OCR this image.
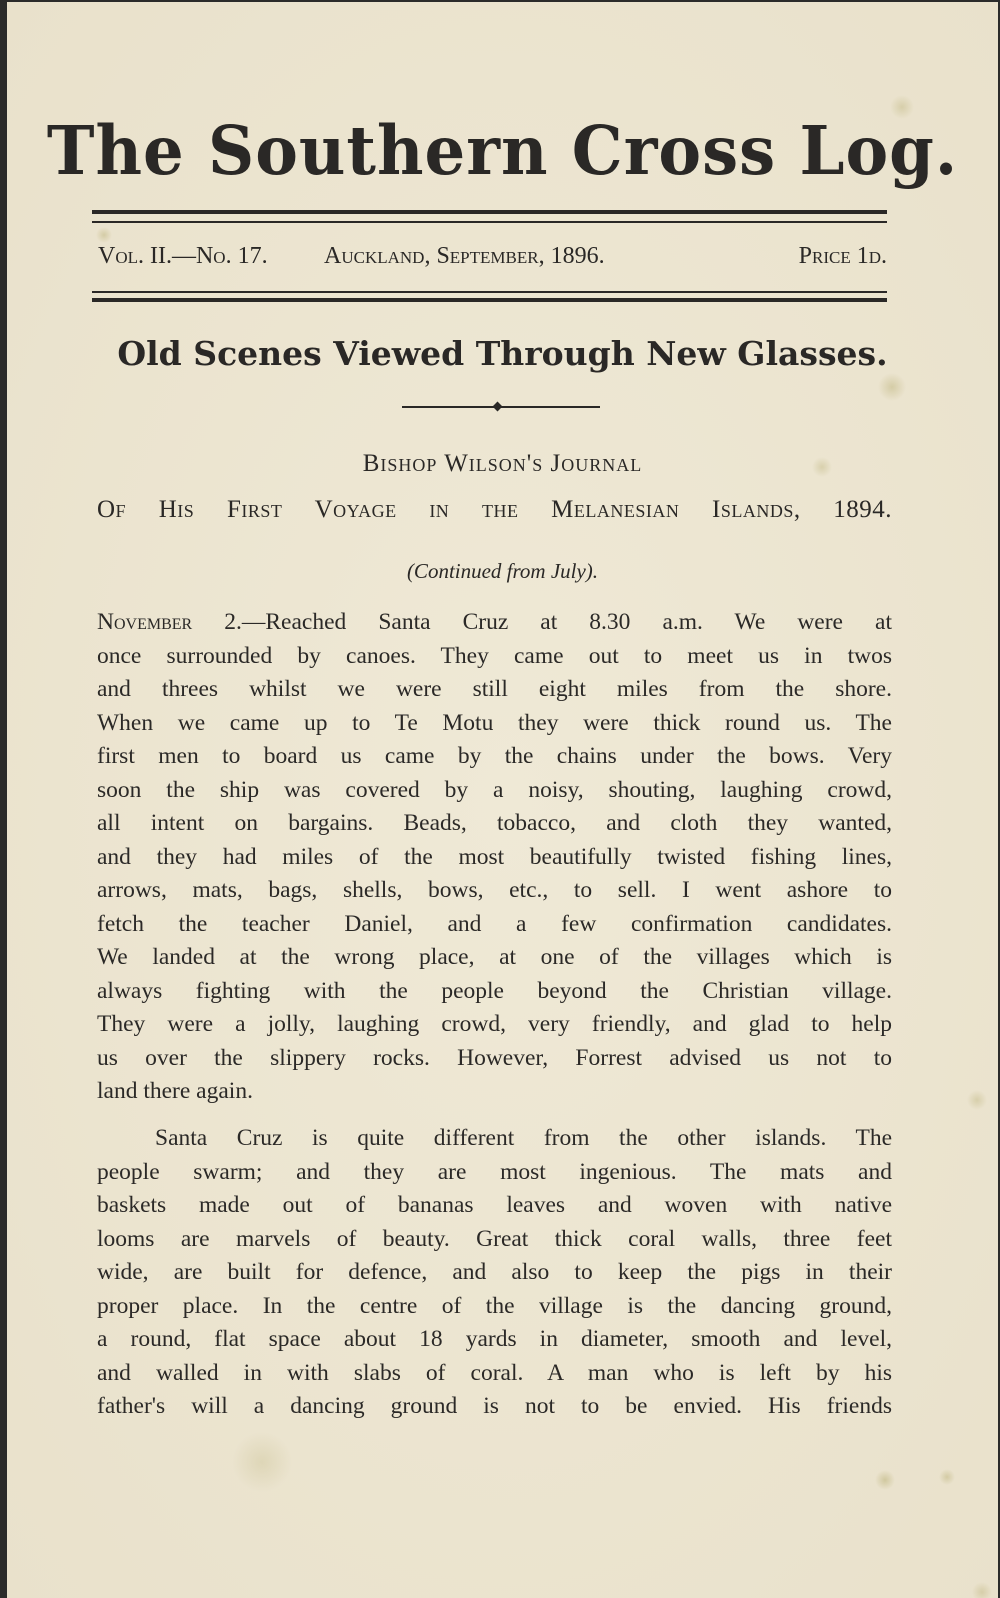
The Southern Cross Log.
Vol. II.—No. 17. Auckland, September, 1896.	Price 1d.
Old Scenes Viewed Through New Glasses.
Bishop Wilson's Journal
Of His First Voyage in the Melanesian Islands, 1894.
(Continued from July).
November 2.—Reached Santa Cruz at 8.30 a.m. We were at
once surrounded by canoes. They came out to meet us in twos
and threes whilst we were still eight miles from the shore.
When we came up to Te Motu they were thick round us. The
first men to board us came by the chains under the bows. Very
soon the ship was covered by a noisy, shouting, laughing crowd,
all intent on bargains. Beads, tobacco, and cloth they wanted,
and they had miles of the most beautifully twisted fishing lines,
arrows, mats, bags, shells, bows, etc., to sell. I went ashore to
fetch the teacher Daniel, and a few confirmation candidates.
We landed at the wrong place, at one of the villages which is
always fighting with the people beyond the Christian village.
They were a jolly, laughing crowd, very friendly, and glad to help
us over the slippery rocks. However, Forrest advised us not to
land there again.
Santa Cruz is quite different from the other islands. The
people swarm; and they are most ingenious. The mats and
baskets made out of bananas leaves and woven with native
looms are marvels of beauty. Great thick coral walls, three feet
wide, are built for defence, and also to keep the pigs in their
proper place. In the centre of the village is the dancing ground,
a round, flat space about 18 yards in diameter, smooth and level,
and walled in with slabs of coral. A man who is left by his
father's will a dancing ground is not to be envied. His friends
